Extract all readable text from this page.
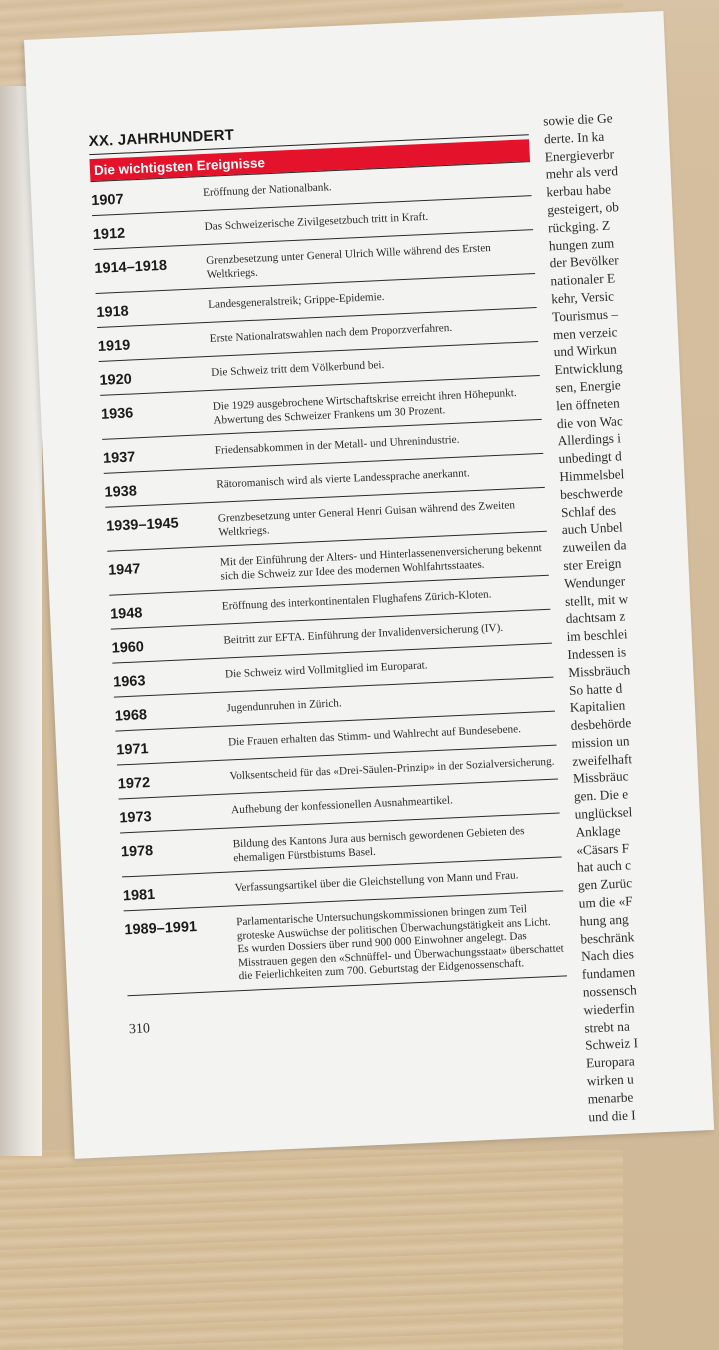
XX. JAHRHUNDERT
Die wichtigsten Ereignisse
1907
Eröffnung der Nationalbank.
1912
Das Schweizerische Zivilgesetzbuch tritt in Kraft.
1914–1918
Grenzbesetzung unter General Ulrich Wille während des Ersten Weltkriegs.
1918
Landesgeneralstreik; Grippe-Epidemie.
1919
Erste Nationalratswahlen nach dem Proporzverfahren.
1920
Die Schweiz tritt dem Völkerbund bei.
1936
Die 1929 ausgebrochene Wirtschaftskrise erreicht ihren Höhepunkt. Abwertung des Schweizer Frankens um 30 Prozent.
1937
Friedensabkommen in der Metall- und Uhrenindustrie.
1938
Rätoromanisch wird als vierte Landessprache anerkannt.
1939–1945
Grenzbesetzung unter General Henri Guisan während des Zweiten Weltkriegs.
1947
Mit der Einführung der Alters- und Hinterlassenenversicherung bekennt sich die Schweiz zur Idee des modernen Wohlfahrtsstaates.
1948
Eröffnung des interkontinentalen Flughafens Zürich-Kloten.
1960
Beitritt zur EFTA. Einführung der Invalidenversicherung (IV).
1963
Die Schweiz wird Vollmitglied im Europarat.
1968
Jugendunruhen in Zürich.
1971
Die Frauen erhalten das Stimm- und Wahlrecht auf Bundesebene.
1972
Volksentscheid für das «Drei-Säulen-Prinzip» in der Sozialversicherung.
1973
Aufhebung der konfessionellen Ausnahmeartikel.
1978
Bildung des Kantons Jura aus bernisch gewordenen Gebieten des ehemaligen Fürstbistums Basel.
1981
Verfassungsartikel über die Gleichstellung von Mann und Frau.
1989–1991
Parlamentarische Untersuchungskommissionen bringen zum Teil groteske Auswüchse der politischen Überwachungstätigkeit ans Licht. Es wurden Dossiers über rund 900 000 Einwohner angelegt. Das Misstrauen gegen den «Schnüffel- und Überwachungsstaat» überschattet die Feierlichkeiten zum 700. Geburtstag der Eidgenossenschaft.
310
sowie die Ge
derte. In ka
Energieverbr
mehr als verd
kerbau habe
gesteigert, ob
rückging. Z
hungen zum
der Bevölker
nationaler E
kehr, Versic
Tourismus –
men verzeic
und Wirkun
Entwicklung
sen, Energie
len öffneten
die von Wac
Allerdings i
unbedingt d
Himmelsbel
beschwerde
Schlaf des
auch Unbel
zuweilen da
ster Ereign
Wendunger
stellt, mit w
dachtsam z
im beschlei
Indessen is
Missbräuch
So hatte d
Kapitalien
desbehörde
mission un
zweifelhaft
Missbräuc
gen. Die e
unglücksel
Anklage
«Cäsars F
hat auch c
gen Zurüc
um die «F
hung ang
beschränk
Nach dies
fundamen
nossensch
wiederfin
strebt na
Schweiz I
Europara
wirken u
menarbe
und die I
